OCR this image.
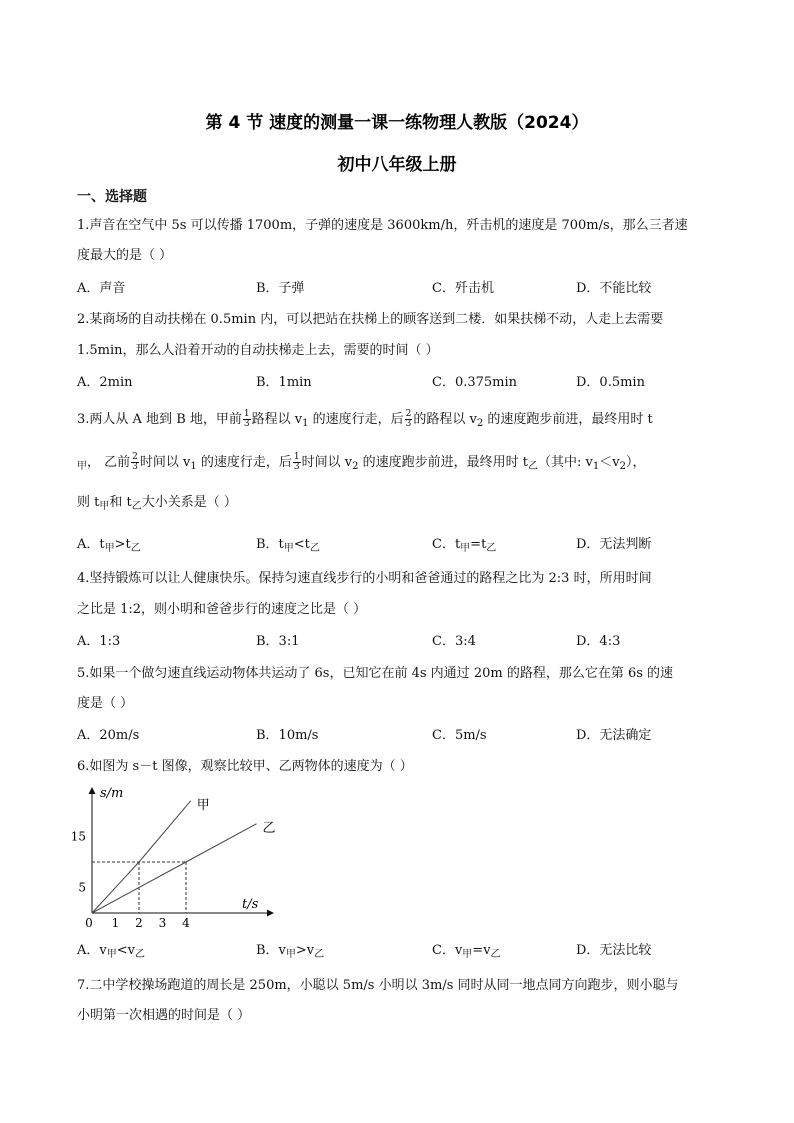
第 4 节 速度的测量一课一练物理人教版（2024）
初中八年级上册
一、选择题
1.声音在空气中 5s 可以传播 1700m，子弹的速度是 3600km/h，歼击机的速度是 700m/s，那么三者速
度最大的是（ ）
A．声音	B．子弹	C．歼击机	D．不能比较
2.某商场的自动扶梯在 0.5min 内，可以把站在扶梯上的顾客送到二楼．如果扶梯不动，人走上去需要
1.5min，那么人沿着开动的自动扶梯走上去，需要的时间（ ）
A．2min	B．1min	C．0.375min	D．0.5min
3.两人从 A 地到 B 地，甲前 $\frac{1}{3}$ 路程以 $v_1$ 的速度行走，后 $\frac{2}{3}$ 的路程以 $v_2$ 的速度跑步前进，最终用时 t
$_甲$， 乙前 $\frac{2}{3}$ 时间以 $v_1$ 的速度行走，后 $\frac{1}{3}$ 时间以 $v_2$ 的速度跑步前进，最终用时 $t_乙$（其中: $v_1<v_2$），
则 $t_甲$和 $t_乙$大小关系是（ ）
A．$t_甲>t_乙$	B．$t_甲<t_乙$	C．$t_甲=t_乙$	D．无法判断
4.坚持锻炼可以让人健康快乐。保持匀速直线步行的小明和爸爸通过的路程之比为 2:3 时，所用时间
之比是 1:2，则小明和爸爸步行的速度之比是（ ）
A．1:3	B．3:1	C．3:4	D．4:3
5.如果一个做匀速直线运动物体共运动了 6s，已知它在前 4s 内通过 20m 的路程，那么它在第 6s 的速
度是（ ）
A．20m/s	B．10m/s	C．5m/s	D．无法确定
6.如图为 s－t 图像，观察比较甲、乙两物体的速度为（ ）
甲
乙
0 1 2 3 4
5
15
s/m
t/s
A．$v_甲<v_乙$	B．$v_甲>v_乙$	C．$v_甲=v_乙$	D．无法比较
7.二中学校操场跑道的周长是 250m，小聪以 5m/s 小明以 3m/s 同时从同一地点同方向跑步，则小聪与
小明第一次相遇的时间是（ ）
